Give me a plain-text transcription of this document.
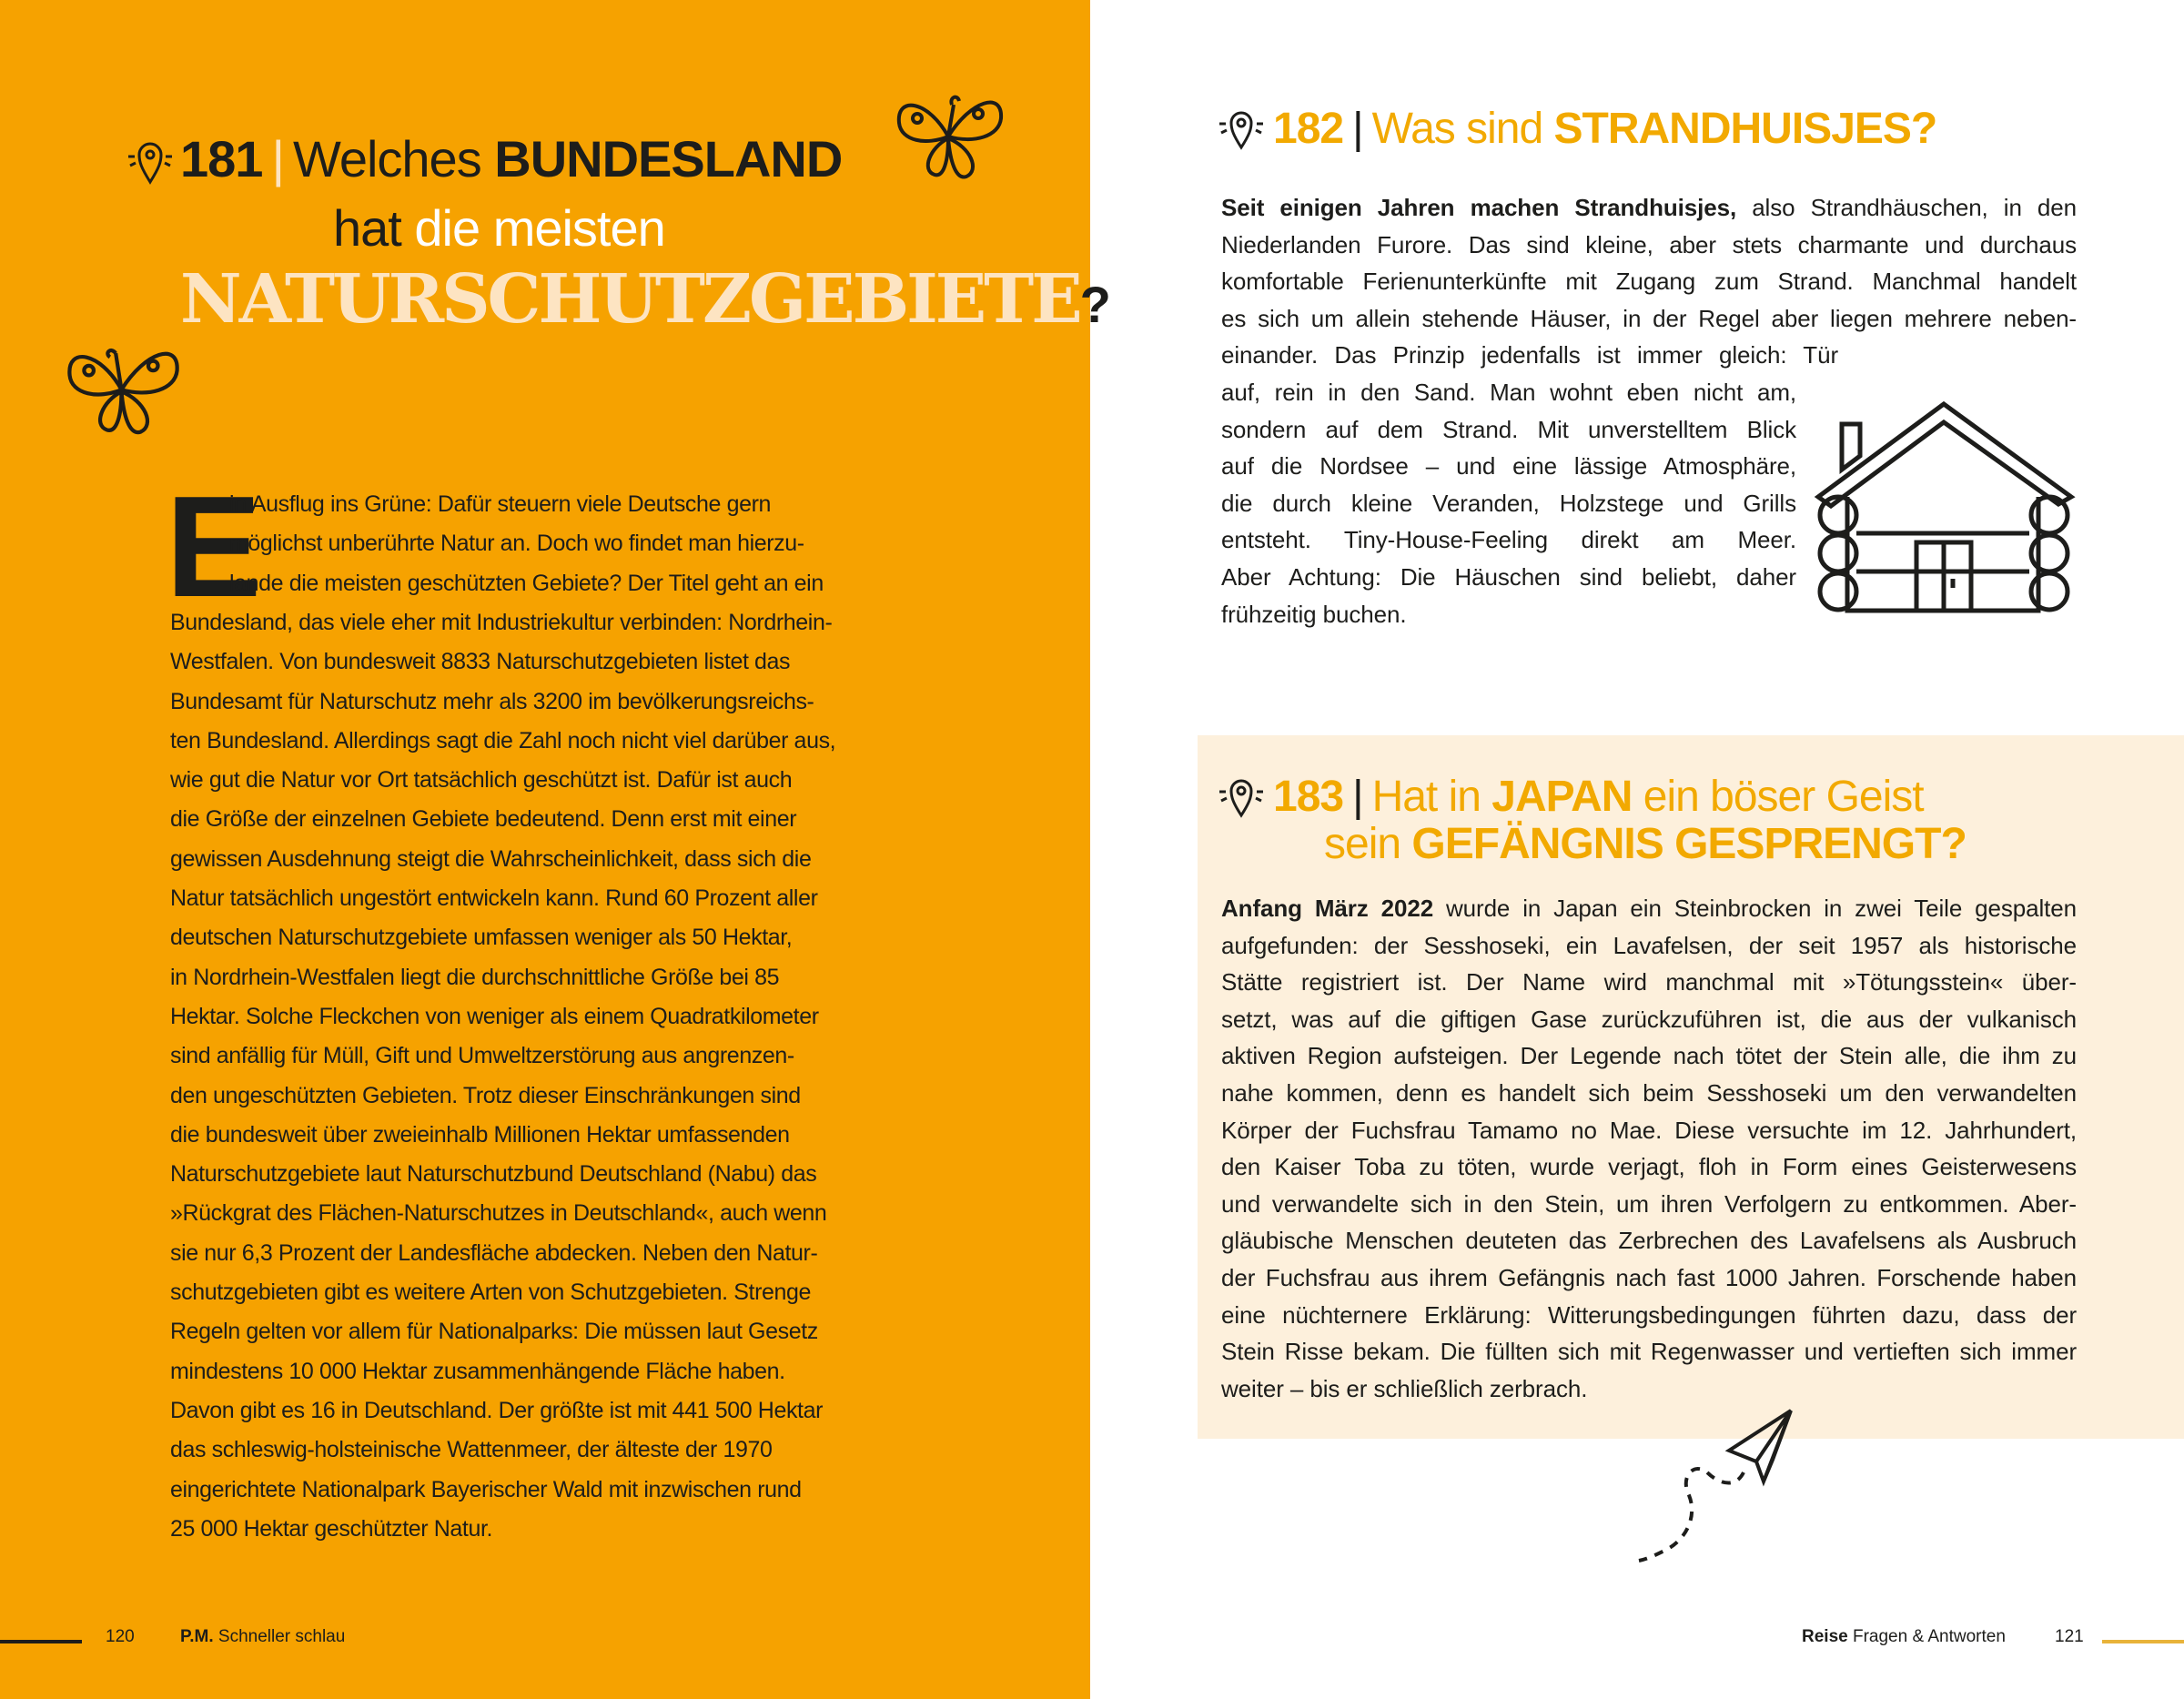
181 | Welches BUNDESLAND
hat die meisten
NATURSCHUTZGEBIETE?
E
in Ausflug ins Grüne: Dafür steuern viele Deutsche gern
möglichst unberührte Natur an. Doch wo findet man hierzu-
lande die meisten geschützten Gebiete? Der Titel geht an ein
Bundesland, das viele eher mit Industriekultur verbinden: Nordrhein-
Westfalen. Von bundesweit 8833 Naturschutzgebieten listet das
Bundesamt für Naturschutz mehr als 3200 im bevölkerungsreichs-
ten Bundesland. Allerdings sagt die Zahl noch nicht viel darüber aus,
wie gut die Natur vor Ort tatsächlich geschützt ist. Dafür ist auch
die Größe der einzelnen Gebiete bedeutend. Denn erst mit einer
gewissen Ausdehnung steigt die Wahrscheinlichkeit, dass sich die
Natur tatsächlich ungestört entwickeln kann. Rund 60 Prozent aller
deutschen Naturschutzgebiete umfassen weniger als 50 Hektar,
in Nordrhein-Westfalen liegt die durchschnittliche Größe bei 85
Hektar. Solche Fleckchen von weniger als einem Quadratkilometer
sind anfällig für Müll, Gift und Umweltzerstörung aus angrenzen-
den ungeschützten Gebieten. Trotz dieser Einschränkungen sind
die bundesweit über zweieinhalb Millionen Hektar umfassenden
Naturschutzgebiete laut Naturschutzbund Deutschland (Nabu) das
»Rückgrat des Flächen-Naturschutzes in Deutschland«, auch wenn
sie nur 6,3 Prozent der Landesfläche abdecken. Neben den Natur-
schutzgebieten gibt es weitere Arten von Schutzgebieten. Strenge
Regeln gelten vor allem für Nationalparks: Die müssen laut Gesetz
mindestens 10 000 Hektar zusammenhängende Fläche haben.
Davon gibt es 16 in Deutschland. Der größte ist mit 441 500 Hektar
das schleswig-holsteinische Wattenmeer, der älteste der 1970
eingerichtete Nationalpark Bayerischer Wald mit inzwischen rund
25 000 Hektar geschützter Natur.
182 | Was sind STRANDHUISJES?
Seit einigen Jahren machen Strandhuisjes, also Strandhäuschen, in den
Niederlanden Furore. Das sind kleine, aber stets charmante und durchaus
komfortable Ferienunterkünfte mit Zugang zum Strand. Manchmal handelt
es sich um allein stehende Häuser, in der Regel aber liegen mehrere neben-
einander. Das Prinzip jedenfalls ist immer gleich: Tür
auf, rein in den Sand. Man wohnt eben nicht am,
sondern auf dem Strand. Mit unverstelltem Blick
auf die Nordsee – und eine lässige Atmosphäre,
die durch kleine Veranden, Holzstege und Grills
entsteht. Tiny-House-Feeling direkt am Meer.
Aber Achtung: Die Häuschen sind beliebt, daher
frühzeitig buchen.
183 | Hat in JAPAN ein böser Geist
sein GEFÄNGNIS GESPRENGT?
Anfang März 2022 wurde in Japan ein Steinbrocken in zwei Teile gespalten
aufgefunden: der Sesshoseki, ein Lavafelsen, der seit 1957 als historische
Stätte registriert ist. Der Name wird manchmal mit »Tötungsstein« über-
setzt, was auf die giftigen Gase zurückzuführen ist, die aus der vulkanisch
aktiven Region aufsteigen. Der Legende nach tötet der Stein alle, die ihm zu
nahe kommen, denn es handelt sich beim Sesshoseki um den verwandelten
Körper der Fuchsfrau Tamamo no Mae. Diese versuchte im 12. Jahrhundert,
den Kaiser Toba zu töten, wurde verjagt, floh in Form eines Geisterwesens
und verwandelte sich in den Stein, um ihren Verfolgern zu entkommen. Aber-
gläubische Menschen deuteten das Zerbrechen des Lavafelsens als Ausbruch
der Fuchsfrau aus ihrem Gefängnis nach fast 1000 Jahren. Forschende haben
eine nüchternere Erklärung: Witterungsbedingungen führten dazu, dass der
Stein Risse bekam. Die füllten sich mit Regenwasser und vertieften sich immer
weiter – bis er schließlich zerbrach.
120	P.M. Schneller schlau	Reise Fragen & Antworten	121
